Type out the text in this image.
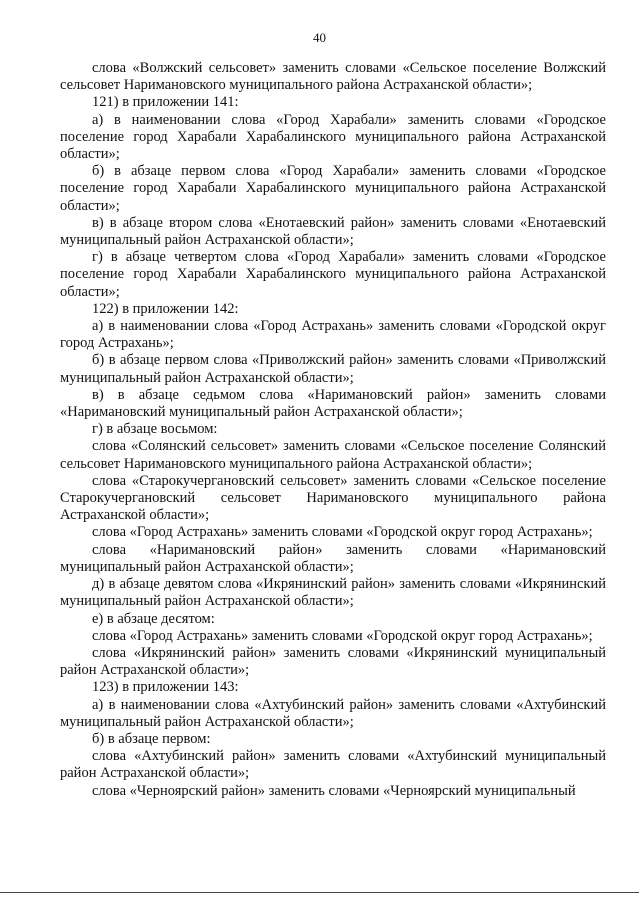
40

слова «Волжский сельсовет» заменить словами «Сельское поселение Волжский сельсовет Наримановского муниципального района Астраханской области»;

121) в приложении 141:

а) в наименовании слова «Город Харабали» заменить словами «Городское поселение город Харабали Харабалинского муниципального района Астраханской области»;

б) в абзаце первом слова «Город Харабали» заменить словами «Городское поселение город Харабали Харабалинского муниципального района Астраханской области»;

в) в абзаце втором слова «Енотаевский район» заменить словами «Енотаевский муниципальный район Астраханской области»;

г) в абзаце четвертом слова «Город Харабали» заменить словами «Городское поселение город Харабали Харабалинского муниципального района Астраханской области»;

122) в приложении 142:

а) в наименовании слова «Город Астрахань» заменить словами «Городской округ город Астрахань»;

б) в абзаце первом слова «Приволжский район» заменить словами «Приволжский муниципальный район Астраханской области»;

в) в абзаце седьмом слова «Наримановский район» заменить словами «Наримановский муниципальный район Астраханской области»;

г) в абзаце восьмом:

слова «Солянский сельсовет» заменить словами «Сельское поселение Солянский сельсовет Наримановского муниципального района Астраханской области»;

слова «Старокучергановский сельсовет» заменить словами «Сельское поселение Старокучергановский сельсовет Наримановского муниципального района Астраханской области»;

слова «Город Астрахань» заменить словами «Городской округ город Астрахань»;

слова «Наримановский район» заменить словами «Наримановский муниципальный район Астраханской области»;

д) в абзаце девятом слова «Икрянинский район» заменить словами «Икрянинский муниципальный район Астраханской области»;

е) в абзаце десятом:

слова «Город Астрахань» заменить словами «Городской округ город Астрахань»;

слова «Икрянинский район» заменить словами «Икрянинский муниципальный район Астраханской области»;

123) в приложении 143:

а) в наименовании слова «Ахтубинский район» заменить словами «Ахтубинский муниципальный район Астраханской области»;

б) в абзаце первом:

слова «Ахтубинский район» заменить словами «Ахтубинский муниципальный район Астраханской области»;

слова «Черноярский район» заменить словами «Черноярский муниципальный
